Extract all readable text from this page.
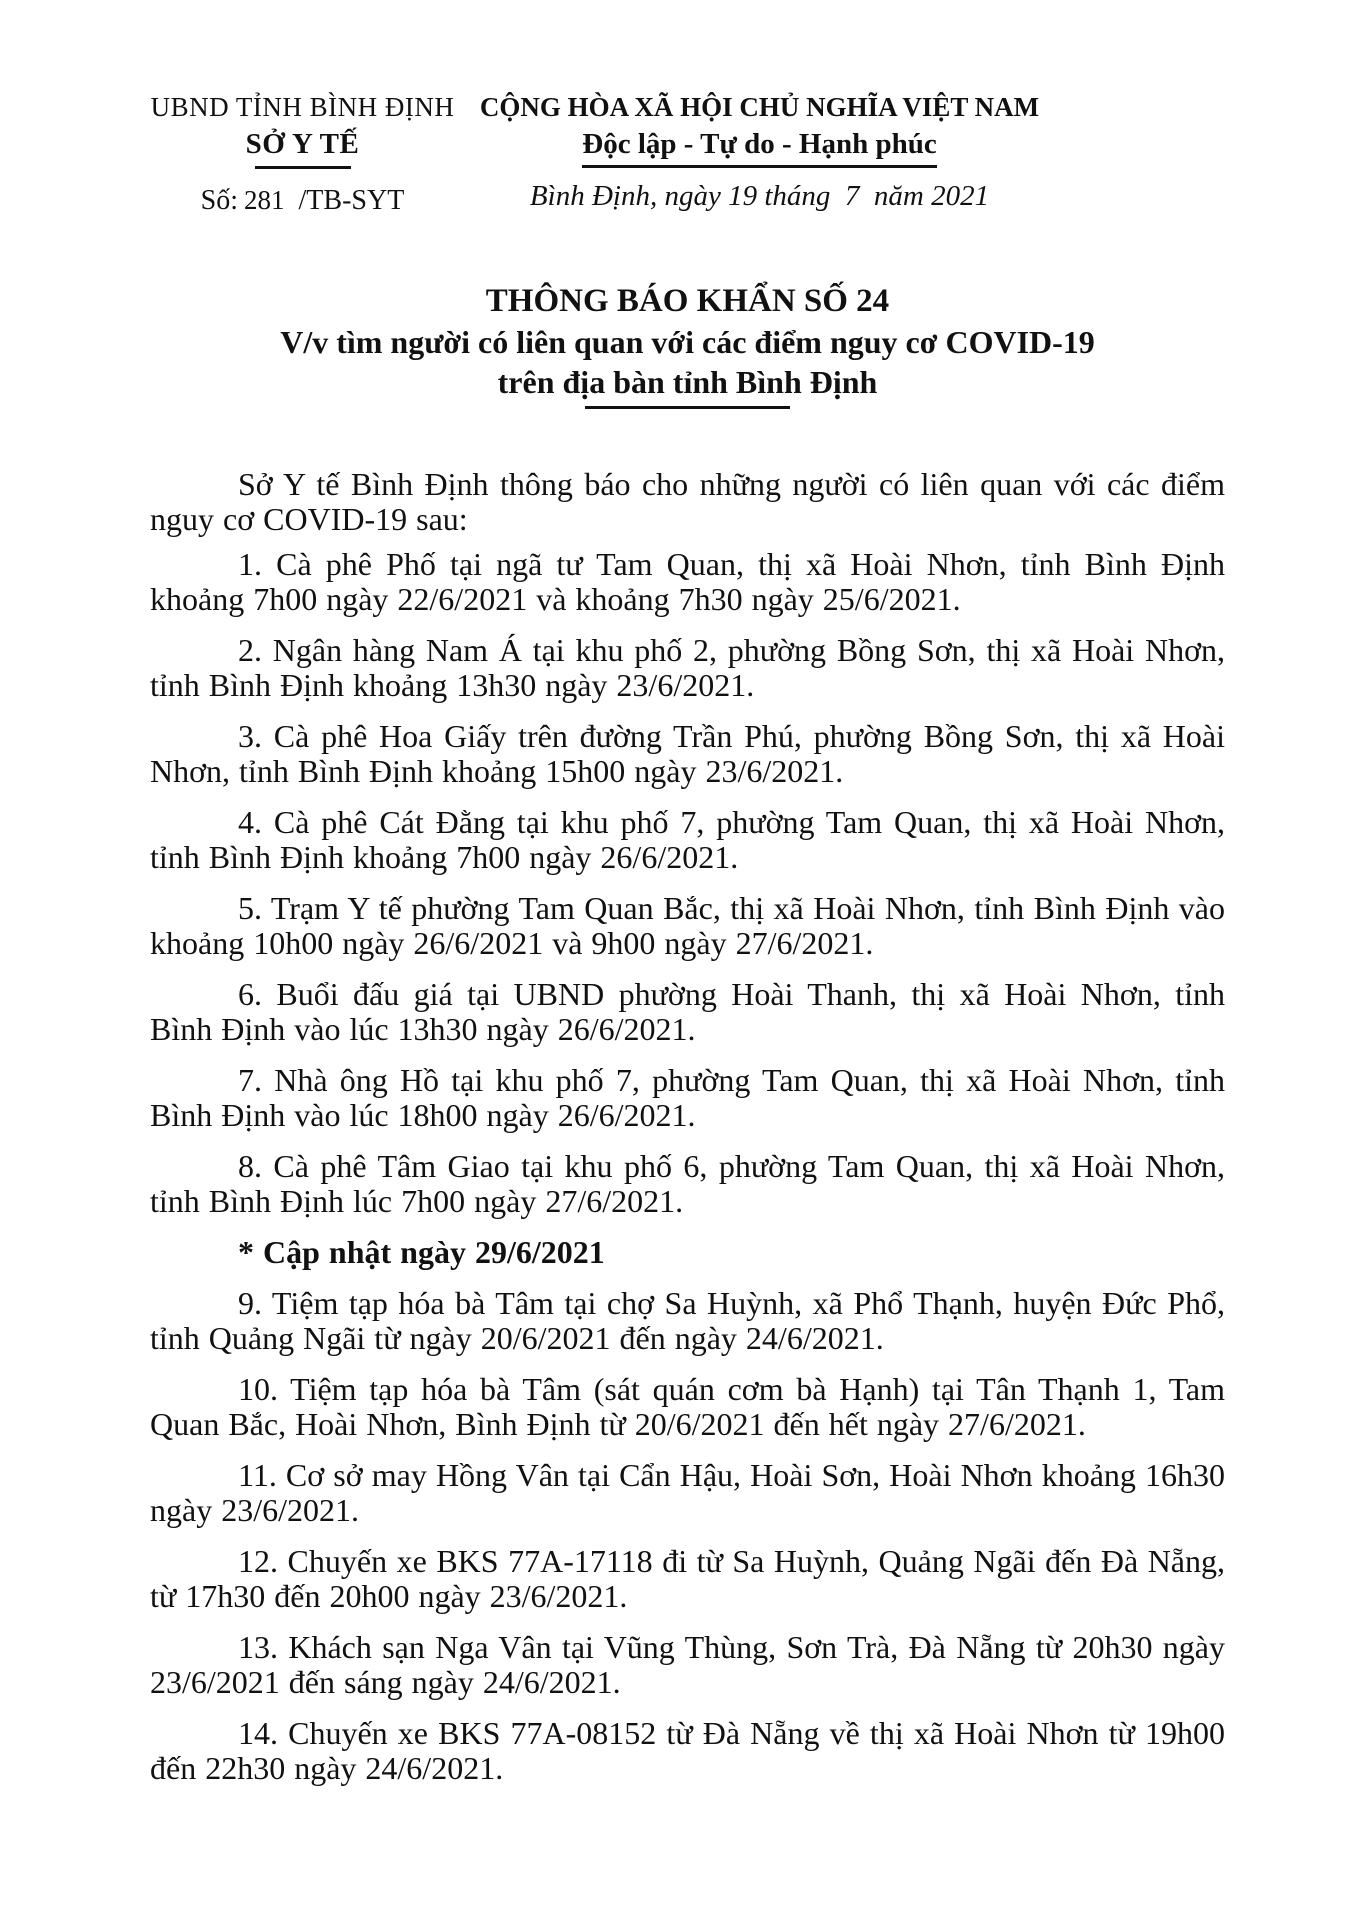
UBND TỈNH BÌNH ĐỊNH
SỞ Y TẾ
Số: 281 /TB-SYT
CỘNG HÒA XÃ HỘI CHỦ NGHĨA VIỆT NAM
Độc lập - Tự do - Hạnh phúc
Bình Định, ngày 19 tháng  7  năm 2021
THÔNG BÁO KHẨN SỐ 24
V/v tìm người có liên quan với các điểm nguy cơ COVID-19
trên địa bàn tỉnh Bình Định

Sở Y tế Bình Định thông báo cho những người có liên quan với các điểm nguy cơ COVID-19 sau:

1. Cà phê Phố tại ngã tư Tam Quan, thị xã Hoài Nhơn, tỉnh Bình Định khoảng 7h00 ngày 22/6/2021 và khoảng 7h30 ngày 25/6/2021.

2. Ngân hàng Nam Á tại khu phố 2, phường Bồng Sơn, thị xã Hoài Nhơn, tỉnh Bình Định khoảng 13h30 ngày 23/6/2021.

3. Cà phê Hoa Giấy trên đường Trần Phú, phường Bồng Sơn, thị xã Hoài Nhơn, tỉnh Bình Định khoảng 15h00 ngày 23/6/2021.

4. Cà phê Cát Đằng tại khu phố 7, phường Tam Quan, thị xã Hoài Nhơn, tỉnh Bình Định khoảng 7h00 ngày 26/6/2021.

5. Trạm Y tế phường Tam Quan Bắc, thị xã Hoài Nhơn, tỉnh Bình Định vào khoảng 10h00 ngày 26/6/2021 và 9h00 ngày 27/6/2021.

6. Buổi đấu giá tại UBND phường Hoài Thanh, thị xã Hoài Nhơn, tỉnh Bình Định vào lúc 13h30 ngày 26/6/2021.

7. Nhà ông Hồ tại khu phố 7, phường Tam Quan, thị xã Hoài Nhơn, tỉnh Bình Định vào lúc 18h00 ngày 26/6/2021.

8. Cà phê Tâm Giao tại khu phố 6, phường Tam Quan, thị xã Hoài Nhơn, tỉnh Bình Định lúc 7h00 ngày 27/6/2021.

* Cập nhật ngày 29/6/2021

9. Tiệm tạp hóa bà Tâm tại chợ Sa Huỳnh, xã Phổ Thạnh, huyện Đức Phổ, tỉnh Quảng Ngãi từ ngày 20/6/2021 đến ngày 24/6/2021.

10. Tiệm tạp hóa bà Tâm (sát quán cơm bà Hạnh) tại Tân Thạnh 1, Tam Quan Bắc, Hoài Nhơn, Bình Định từ 20/6/2021 đến hết ngày 27/6/2021.

11. Cơ sở may Hồng Vân tại Cẩn Hậu, Hoài Sơn, Hoài Nhơn khoảng 16h30 ngày 23/6/2021.

12. Chuyến xe BKS 77A-17118 đi từ Sa Huỳnh, Quảng Ngãi đến Đà Nẵng, từ 17h30 đến 20h00 ngày 23/6/2021.

13. Khách sạn Nga Vân tại Vũng Thùng, Sơn Trà, Đà Nẵng từ 20h30 ngày 23/6/2021 đến sáng ngày 24/6/2021.

14. Chuyến xe BKS 77A-08152 từ Đà Nẵng về thị xã Hoài Nhơn từ 19h00 đến 22h30 ngày 24/6/2021.
